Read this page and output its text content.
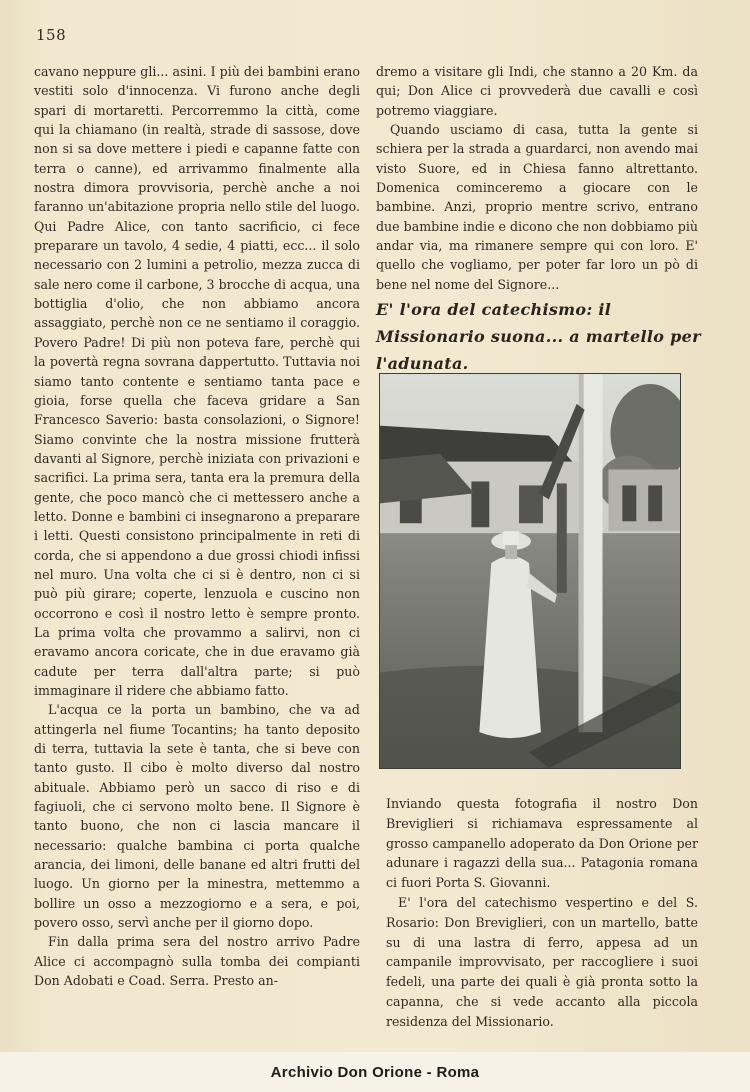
158

cavano neppure gli... asini. I più dei bambini erano vestiti solo d'innocenza. Vi furono anche degli spari di mortaretti. Percorremmo la città, come qui la chiamano (in realtà, strade di sassose, dove non si sa dove mettere i piedi e capanne fatte con terra o canne), ed arrivammo finalmente alla nostra dimora provvisoria, perchè anche a noi faranno un'abitazione propria nello stile del luogo. Qui Padre Alice, con tanto sacrificio, ci fece preparare un tavolo, 4 sedie, 4 piatti, ecc... il solo necessario con 2 lumini a petrolio, mezza zucca di sale nero come il carbone, 3 brocche di acqua, una bottiglia d'olio, che non abbiamo ancora assaggiato, perchè non ce ne sentiamo il coraggio. Povero Padre! Di più non poteva fare, perchè qui la povertà regna sovrana dappertutto. Tuttavia noi siamo tanto contente e sentiamo tanta pace e gioia, forse quella che faceva gridare a San Francesco Saverio: basta consolazioni, o Signore! Siamo convinte che la nostra missione frutterà davanti al Signore, perchè iniziata con privazioni e sacrifici. La prima sera, tanta era la premura della gente, che poco mancò che ci mettessero anche a letto. Donne e bambini ci insegnarono a preparare i letti. Questi consistono principalmente in reti di corda, che si appendono a due grossi chiodi infissi nel muro. Una volta che ci si è dentro, non ci si può più girare; coperte, lenzuola e cuscino non occorrono e così il nostro letto è sempre pronto. La prima volta che provammo a salirvi, non ci eravamo ancora coricate, che in due eravamo già cadute per terra dall'altra parte; si può immaginare il ridere che abbiamo fatto.

L'acqua ce la porta un bambino, che va ad attingerla nel fiume Tocantins; ha tanto deposito di terra, tuttavia la sete è tanta, che si beve con tanto gusto. Il cibo è molto diverso dal nostro abituale. Abbiamo però un sacco di riso e di fagiuoli, che ci servono molto bene. Il Signore è tanto buono, che non ci lascia mancare il necessario: qualche bambina ci porta qualche arancia, dei limoni, delle banane ed altri frutti del luogo. Un giorno per la minestra, mettemmo a bollire un osso a mezzogiorno e a sera, e poi, povero osso, servì anche per il giorno dopo.

Fin dalla prima sera del nostro arrivo Padre Alice ci accompagnò sulla tomba dei compianti Don Adobati e Coad. Serra. Presto an-

dremo a visitare gli Indi, che stanno a 20 Km. da qui; Don Alice ci provvederà due cavalli e così potremo viaggiare.

Quando usciamo di casa, tutta la gente si schiera per la strada a guardarci, non avendo mai visto Suore, ed in Chiesa fanno altrettanto. Domenica cominceremo a giocare con le bambine. Anzi, proprio mentre scrivo, entrano due bambine indie e dicono che non dobbiamo più andar via, ma rimanere sempre qui con loro. E' quello che vogliamo, per poter far loro un pò di bene nel nome del Signore...

E' l'ora del catechismo: il Missionario suona... a martello per l'adunata.

Inviando questa fotografia il nostro Don Breviglieri si richiamava espressamente al grosso campanello adoperato da Don Orione per adunare i ragazzi della sua... Patagonia romana ci fuori Porta S. Giovanni.

E' l'ora del catechismo vespertino e del S. Rosario: Don Breviglieri, con un martello, batte su di una lastra di ferro, appesa ad un campanile improvvisato, per raccogliere i suoi fedeli, una parte dei quali è già pronta sotto la capanna, che si vede accanto alla piccola residenza del Missionario.

Archivio Don Orione - Roma
